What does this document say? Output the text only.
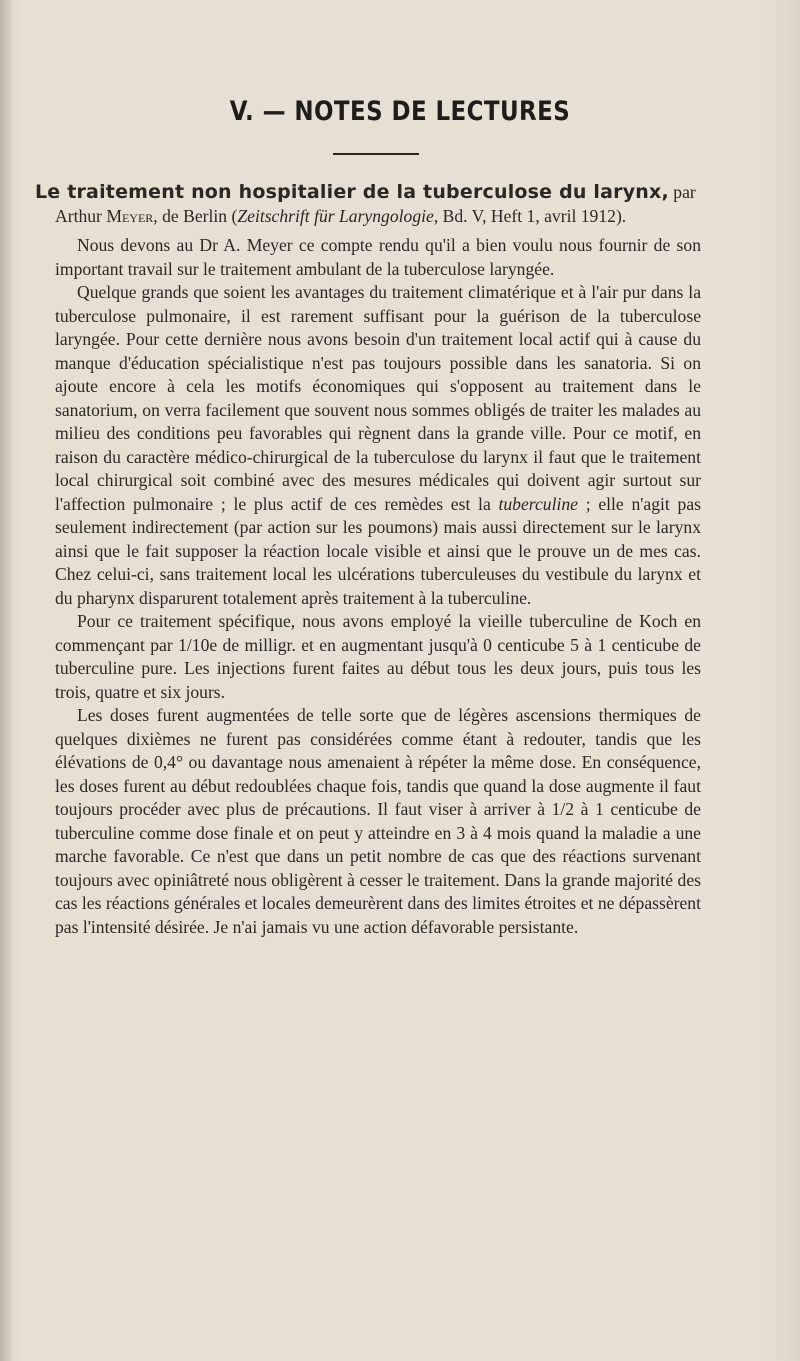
V. — NOTES DE LECTURES
Le traitement non hospitalier de la tuberculose du larynx, par Arthur Meyer, de Berlin (Zeitschrift für Laryngologie, Bd. V, Heft 1, avril 1912).

Nous devons au Dr A. Meyer ce compte rendu qu'il a bien voulu nous fournir de son important travail sur le traitement ambulant de la tuberculose laryngée.

Quelque grands que soient les avantages du traitement climatérique et à l'air pur dans la tuberculose pulmonaire, il est rarement suffisant pour la guérison de la tuberculose laryngée. Pour cette dernière nous avons besoin d'un traitement local actif qui à cause du manque d'éducation spécialistique n'est pas toujours possible dans les sanatoria. Si on ajoute encore à cela les motifs économiques qui s'opposent au traitement dans le sanatorium, on verra facilement que souvent nous sommes obligés de traiter les malades au milieu des conditions peu favorables qui règnent dans la grande ville. Pour ce motif, en raison du caractère médico-chirurgical de la tuberculose du larynx il faut que le traitement local chirurgical soit combiné avec des mesures médicales qui doivent agir surtout sur l'affection pulmonaire ; le plus actif de ces remèdes est la tuberculine ; elle n'agit pas seulement indirectement (par action sur les poumons) mais aussi directement sur le larynx ainsi que le fait supposer la réaction locale visible et ainsi que le prouve un de mes cas. Chez celui-ci, sans traitement local les ulcérations tuberculeuses du vestibule du larynx et du pharynx disparurent totalement après traitement à la tuberculine.

Pour ce traitement spécifique, nous avons employé la vieille tuberculine de Koch en commençant par 1/10e de milligr. et en augmentant jusqu'à 0 centicube 5 à 1 centicube de tuberculine pure. Les injections furent faites au début tous les deux jours, puis tous les trois, quatre et six jours.

Les doses furent augmentées de telle sorte que de légères ascensions thermiques de quelques dixièmes ne furent pas considérées comme étant à redouter, tandis que les élévations de 0,4° ou davantage nous amenaient à répéter la même dose. En conséquence, les doses furent au début redoublées chaque fois, tandis que quand la dose augmente il faut toujours procéder avec plus de précautions. Il faut viser à arriver à 1/2 à 1 centicube de tuberculine comme dose finale et on peut y atteindre en 3 à 4 mois quand la maladie a une marche favorable. Ce n'est que dans un petit nombre de cas que des réactions survenant toujours avec opiniâtreté nous obligèrent à cesser le traitement. Dans la grande majorité des cas les réactions générales et locales demeurèrent dans des limites étroites et ne dépassèrent pas l'intensité désirée. Je n'ai jamais vu une action défavorable persistante.
